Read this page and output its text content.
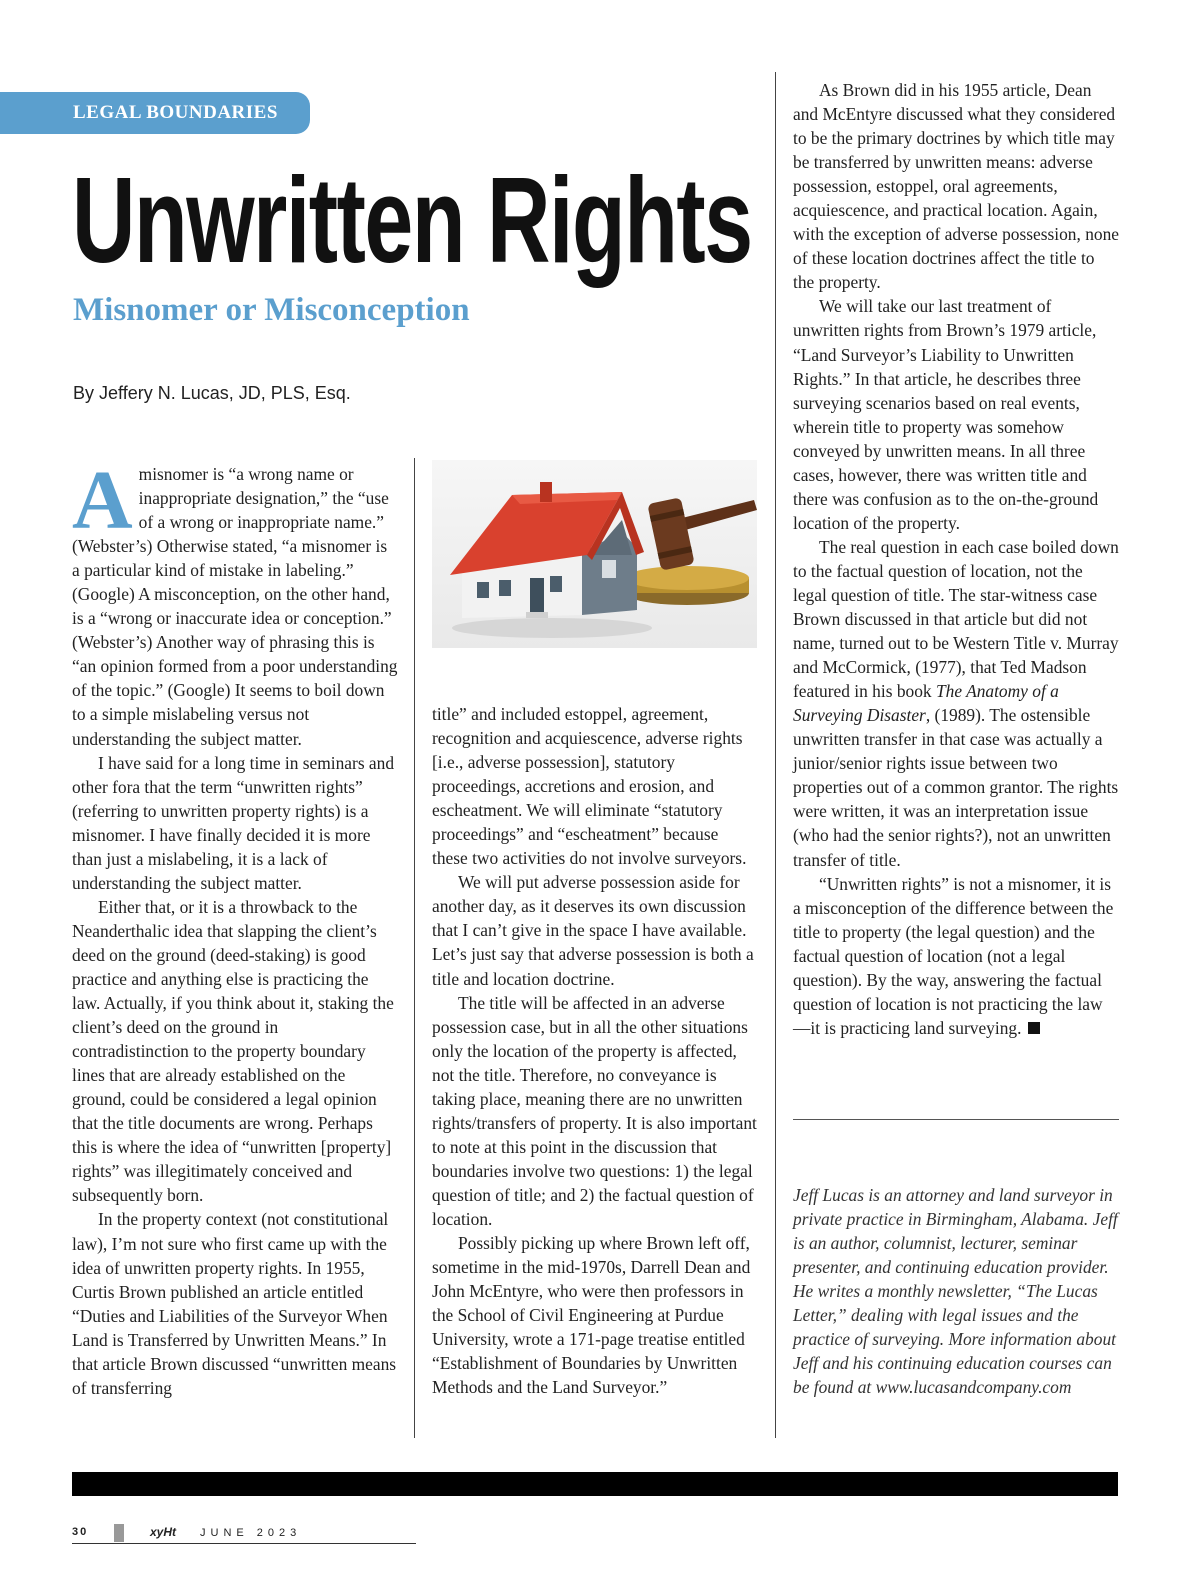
LEGAL BOUNDARIES
Unwritten Rights
Misnomer or Misconception
By Jeffery N. Lucas, JD, PLS, Esq.

A misnomer is “a wrong name or inappropriate designation,” the “use of a wrong or inappropriate name.” (Webster’s) Otherwise stated, “a misnomer is a particular kind of mistake in labeling.” (Google) A misconception, on the other hand, is a “wrong or inaccurate idea or conception.” (Webster’s) Another way of phrasing this is “an opinion formed from a poor understanding of the topic.” (Google) It seems to boil down to a simple mislabeling versus not understanding the subject matter.

I have said for a long time in seminars and other fora that the term “unwritten rights” (referring to unwritten property rights) is a misnomer. I have finally decided it is more than just a mislabeling, it is a lack of understanding the subject matter.

Either that, or it is a throwback to the Neanderthalic idea that slapping the client’s deed on the ground (deed-staking) is good practice and anything else is practicing the law. Actually, if you think about it, staking the client’s deed on the ground in contradistinction to the property boundary lines that are already established on the ground, could be considered a legal opinion that the title documents are wrong. Perhaps this is where the idea of “unwritten [property] rights” was illegitimately conceived and subsequently born.

In the property context (not constitutional law), I’m not sure who first came up with the idea of unwritten property rights. In 1955, Curtis Brown published an article entitled “Duties and Liabilities of the Surveyor When Land is Transferred by Unwritten Means.” In that article Brown discussed “unwritten means of transferring

title” and included estoppel, agreement, recognition and acquiescence, adverse rights [i.e., adverse possession], statutory proceedings, accretions and erosion, and escheatment. We will eliminate “statutory proceedings” and “escheatment” because these two activities do not involve surveyors.

We will put adverse possession aside for another day, as it deserves its own discussion that I can’t give in the space I have available. Let’s just say that adverse possession is both a title and location doctrine.

The title will be affected in an adverse possession case, but in all the other situations only the location of the property is affected, not the title. Therefore, no conveyance is taking place, meaning there are no unwritten rights/transfers of property. It is also important to note at this point in the discussion that boundaries involve two questions: 1) the legal question of title; and 2) the factual question of location.

Possibly picking up where Brown left off, sometime in the mid-1970s, Darrell Dean and John McEntyre, who were then professors in the School of Civil Engineering at Purdue University, wrote a 171-page treatise entitled “Establishment of Boundaries by Unwritten Methods and the Land Surveyor.”

As Brown did in his 1955 article, Dean and McEntyre discussed what they considered to be the primary doctrines by which title may be transferred by unwritten means: adverse possession, estoppel, oral agreements, acquiescence, and practical location. Again, with the exception of adverse possession, none of these location doctrines affect the title to the property.

We will take our last treatment of unwritten rights from Brown’s 1979 article, “Land Surveyor’s Liability to Unwritten Rights.” In that article, he describes three surveying scenarios based on real events, wherein title to property was somehow conveyed by unwritten means. In all three cases, however, there was written title and there was confusion as to the on-the-ground location of the property.

The real question in each case boiled down to the factual question of location, not the legal question of title. The star-witness case Brown discussed in that article but did not name, turned out to be Western Title v. Murray and McCormick, (1977), that Ted Madson featured in his book The Anatomy of a Surveying Disaster, (1989). The ostensible unwritten transfer in that case was actually a junior/senior rights issue between two properties out of a common grantor. The rights were written, it was an interpretation issue (who had the senior rights?), not an unwritten transfer of title.

“Unwritten rights” is not a misnomer, it is a misconception of the difference between the title to property (the legal question) and the factual question of location (not a legal question). By the way, answering the factual question of location is not practicing the law—it is practicing land surveying.

Jeff Lucas is an attorney and land surveyor in private practice in Birmingham, Alabama. Jeff is an author, columnist, lecturer, seminar presenter, and continuing education provider. He writes a monthly newsletter, “The Lucas Letter,” dealing with legal issues and the practice of surveying. More information about Jeff and his continuing education courses can be found at www.lucasandcompany.com
30	xyHt JUNE 2023
